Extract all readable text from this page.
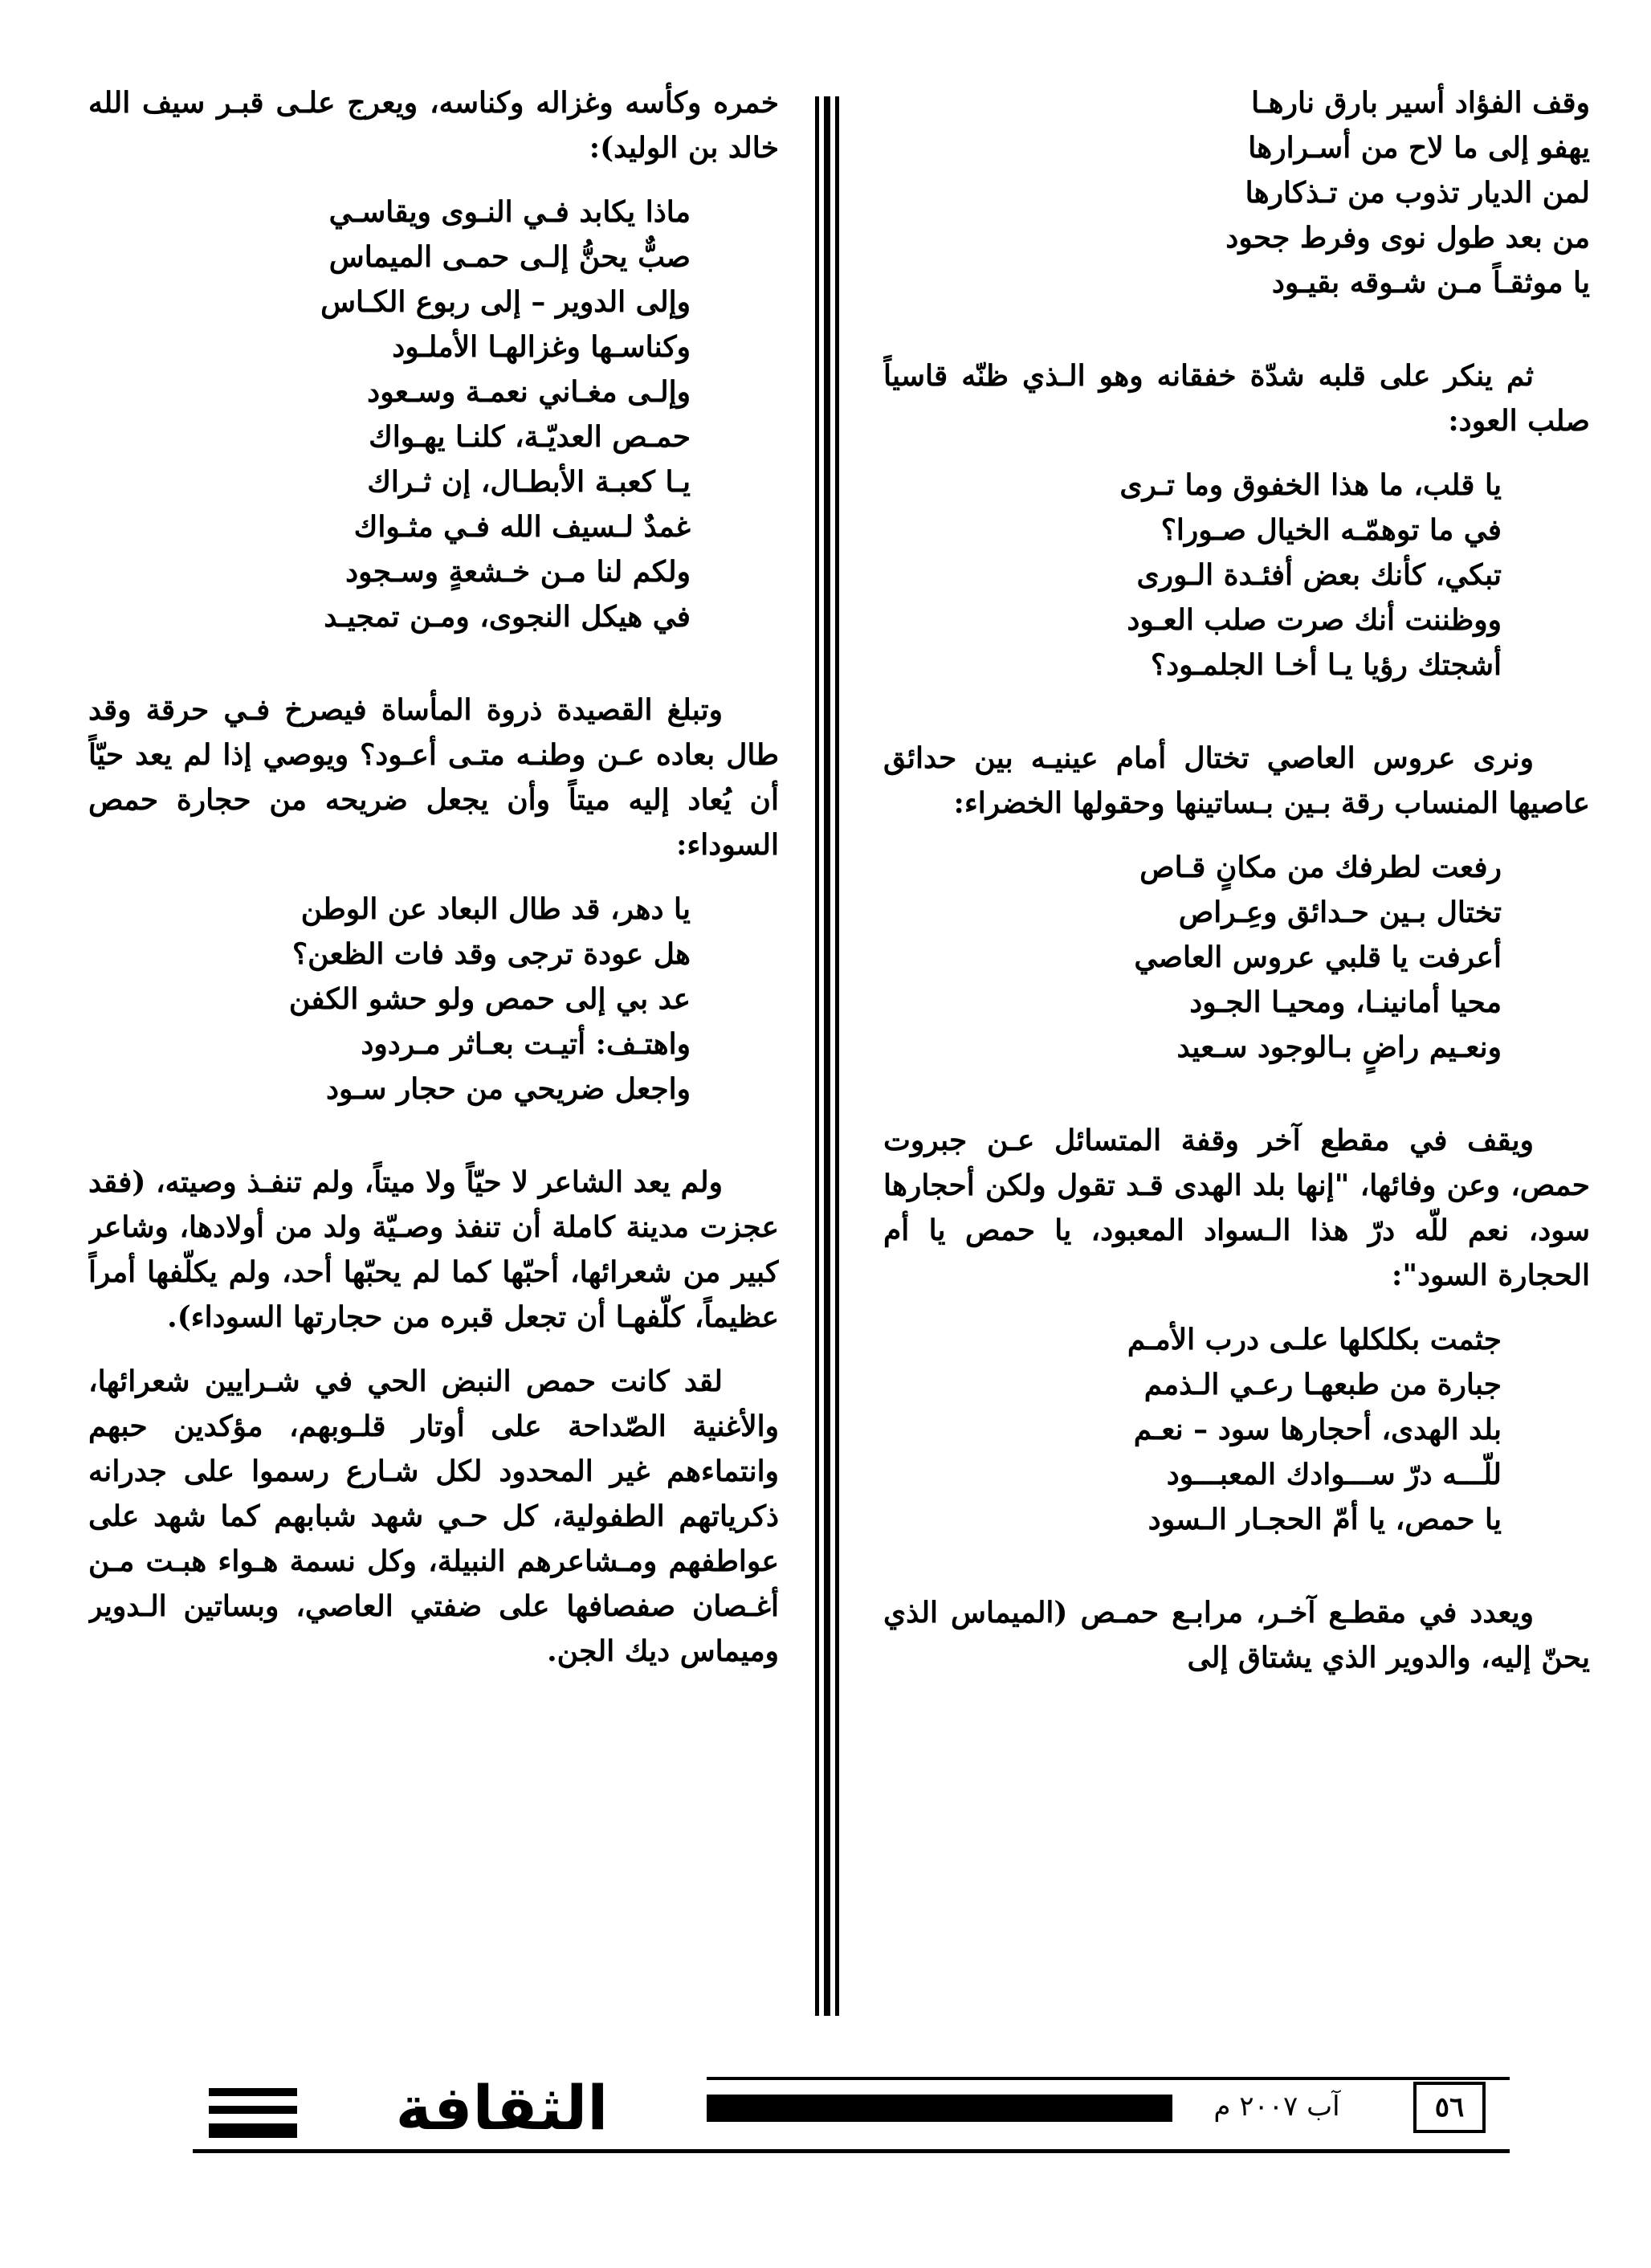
وقف الفؤاد أسير بارق نارهـا
يهفو إلى ما لاح من أسـرارها
لمن الديار تذوب من تـذكارها
من بعد طول نوى وفرط جحود
يا موثقـاً مـن شـوقه بقيـود

ثم ينكر على قلبه شدّة خفقانه وهو الـذي ظنّه قاسياً صلب العود:

يا قلب، ما هذا الخفوق وما تـرى
في ما توهمّـه الخيال صـورا؟
تبكي، كأنك بعض أفئـدة الـورى
ووظننت أنك صرت صلب العـود
أشجتك رؤيا يـا أخـا الجلمـود؟

ونرى عروس العاصي تختال أمام عينيـه بين حدائق عاصيها المنساب رقة بـين بـساتينها وحقولها الخضراء:

رفعت لطرفك من مكانٍ قـاص
تختال بـين حـدائق وعِـراص
أعرفت يا قلبي عروس العاصي
محيا أمانينـا، ومحيـا الجـود
ونعـيم راضٍ بـالوجود سـعيد

ويقف في مقطع آخر وقفة المتسائل عـن جبروت حمص، وعن وفائها، "إنها بلد الهدى قـد تقول ولكن أحجارها سود، نعم للّه درّ هذا الـسواد المعبود، يا حمص يا أم الحجارة السود":

جثمت بكلكلها علـى درب الأمـم
جبارة من طبعهـا رعـي الـذمم
بلد الهدى، أحجارها سود – نعـم
للّـــه درّ ســـوادك المعبـــود
يا حمص، يا أمّ الحجـار الـسود

ويعدد في مقطـع آخـر، مرابـع حمـص (الميماس الذي يحنّ إليه، والدوير الذي يشتاق إلى

خمره وكأسه وغزاله وكناسه، ويعرج علـى قبـر سيف الله خالد بن الوليد):

ماذا يكابد فـي النـوى ويقاسـي
صبٌّ يحنُّ إلـى حمـى الميماس
وإلى الدوير – إلى ربوع الكـاس
وكناسـها وغزالهـا الأملـود
وإلـى مغـاني نعمـة وسـعود
حمـص العديّـة، كلنـا يهـواك
يـا كعبـة الأبطـال، إن ثـراك
غمدٌ لـسيف الله فـي مثـواك
ولكم لنا مـن خـشعةٍ وسـجود
في هيكل النجوى، ومـن تمجيـد

وتبلغ القصيدة ذروة المأساة فيصرخ فـي حرقة وقد طال بعاده عـن وطنـه متـى أعـود؟ ويوصي إذا لم يعد حيّاً أن يُعاد إليه ميتاً وأن يجعل ضريحه من حجارة حمص السوداء:

يا دهر، قد طال البعاد عن الوطن
هل عودة ترجى وقد فات الظعن؟
عد بي إلى حمص ولو حشو الكفن
واهتـف: أتيـت بعـاثر مـردود
واجعل ضريحي من حجار سـود

ولم يعد الشاعر لا حيّاً ولا ميتاً، ولم تنفـذ وصيته، (فقد عجزت مدينة كاملة أن تنفذ وصـيّة ولد من أولادها، وشاعر كبير من شعرائها، أحبّها كما لم يحبّها أحد، ولم يكلّفها أمراً عظيماً، كلّفهـا أن تجعل قبره من حجارتها السوداء).

لقد كانت حمص النبض الحي في شـرايين شعرائها، والأغنية الصّداحة على أوتار قلـوبهم، مؤكدين حبهم وانتماءهم غير المحدود لكل شـارع رسموا على جدرانه ذكرياتهم الطفولية، كل حـي شهد شبابهم كما شهد على عواطفهم ومـشاعرهم النبيلة، وكل نسمة هـواء هبـت مـن أغـصان صفصافها على ضفتي العاصي، وبساتين الـدوير وميماس ديك الجن.

الثقافة	آب ٢٠٠٧ م	٥٦
